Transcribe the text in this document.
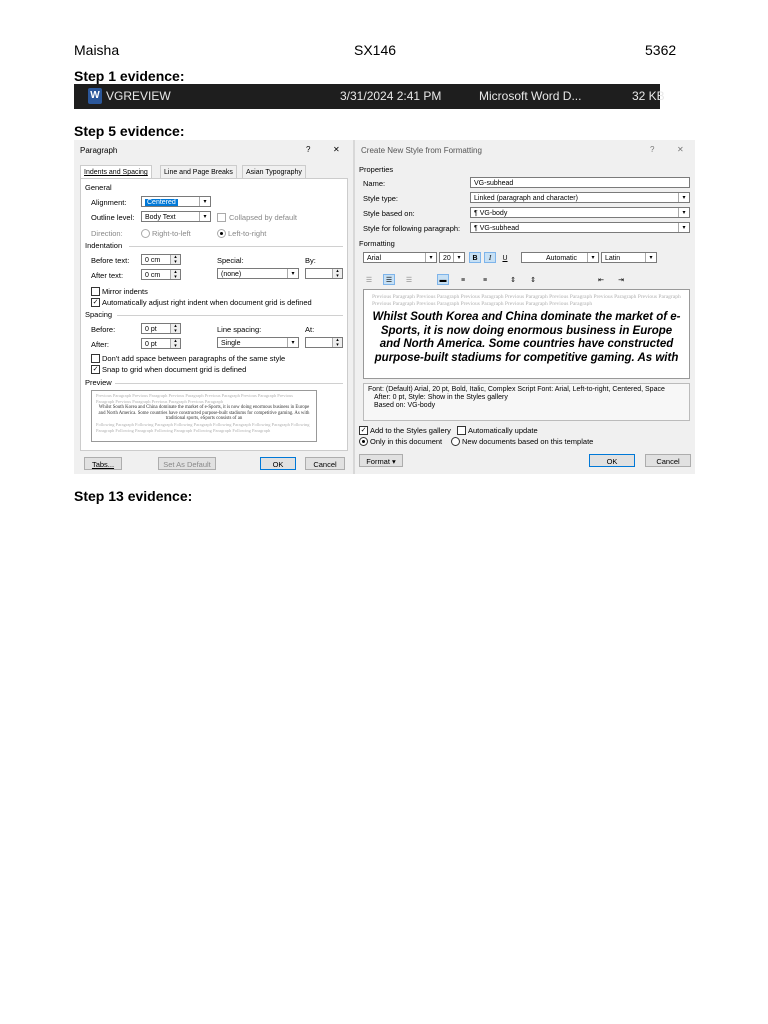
Maisha	SX146	5362
Step 1 evidence:
W VGREVIEW	3/31/2024 2:41 PM	Microsoft Word D...	32 KB
Step 5 evidence:
Paragraph	?	✕
Indents and Spacing	Line and Page Breaks	Asian Typography
General
Alignment:	Centered	▾
Outline level:	Body Text	▾	Collapsed by default
Direction:	Right-to-left	Left-to-right
Indentation
Before text:	0 cm	▴
▾
After text:	0 cm	▴
▾
Special:
(none)	▾
By:
▴
▾
Mirror indents
✓ Automatically adjust right indent when document grid is defined
Spacing
Before:	0 pt	▴
▾
After:	0 pt	▴
▾
Line spacing:
Single	▾
At:
▴
▾
Don't add space between paragraphs of the same style
✓ Snap to grid when document grid is defined
Preview
Previous Paragraph Previous Paragraph Previous Paragraph Previous Paragraph Previous Paragraph Previous Paragraph Previous Paragraph Previous Paragraph Previous Paragraph
Whilst South Korea and China dominate the market of e-Sports, it is now doing enormous business in Europe and North America. Some countries have constructed purpose-built stadiums for competitive gaming. As with traditional sports, eSports consists of an
Following Paragraph Following Paragraph Following Paragraph Following Paragraph Following Paragraph Following Paragraph Following Paragraph Following Paragraph Following Paragraph Following Paragraph
Tabs...	Set As Default	OK	Cancel
Create New Style from Formatting	?	✕
Properties
Name:	VG-subhead
Style type:	Linked (paragraph and character)	▾
Style based on:	¶ VG-body	▾
Style for following paragraph:	¶ VG-subhead	▾
Formatting
Arial	▾	20	▾	B	I	U	Automatic	▾	Latin	▾
☰	☰	☰	▬	≡	≡	⇕	⇕	⇤	⇥
Previous Paragraph Previous Paragraph Previous Paragraph Previous Paragraph Previous Paragraph Previous Paragraph Previous Paragraph Previous Paragraph Previous Paragraph Previous Paragraph Previous Paragraph Previous Paragraph
Whilst South Korea and China dominate the market of e-Sports, it is now doing enormous business in Europe and North America. Some countries have constructed purpose-built stadiums for competitive gaming. As with
Font: (Default) Arial, 20 pt, Bold, Italic, Complex Script Font: Arial, Left-to-right, Centered, Space
After: 0 pt, Style: Show in the Styles gallery
Based on: VG-body
✓ Add to the Styles gallery Automatically update
Only in this document	New documents based on this template
Format ▾	OK	Cancel
Step 13 evidence:
